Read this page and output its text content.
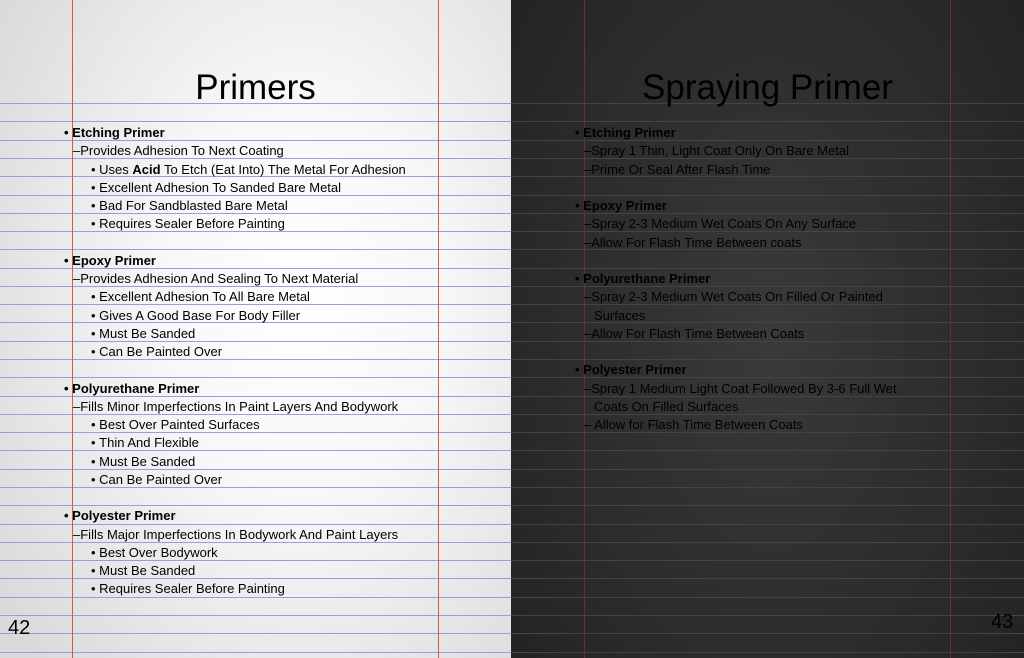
Primers
• Etching Primer
– Provides Adhesion To Next Coating
• Uses Acid To Etch (Eat Into) The Metal For Adhesion
• Excellent Adhesion To Sanded Bare Metal
• Bad For Sandblasted Bare Metal
• Requires Sealer Before Painting
• Epoxy Primer
– Provides Adhesion And Sealing To Next Material
• Excellent Adhesion To All Bare Metal
• Gives A Good Base For Body Filler
• Must Be Sanded
• Can Be Painted Over
• Polyurethane Primer
– Fills Minor Imperfections In Paint Layers And Bodywork
• Best Over Painted Surfaces
• Thin And Flexible
• Must Be Sanded
• Can Be Painted Over
• Polyester Primer
– Fills Major Imperfections In Bodywork And Paint Layers
• Best Over Bodywork
• Must Be Sanded
• Requires Sealer Before Painting
42
Spraying Primer
• Etching Primer
– Spray 1 Thin, Light Coat Only On Bare Metal
– Prime Or Seal After Flash Time
• Epoxy Primer
– Spray 2-3 Medium Wet Coats On Any Surface
– Allow For Flash Time Between coats
• Polyurethane Primer
– Spray 2-3 Medium Wet Coats On Filled Or Painted
Surfaces
– Allow For Flash Time Between Coats
• Polyester Primer
– Spray 1 Medium Light Coat Followed By 3-6 Full Wet
Coats On Filled Surfaces
– Allow for Flash Time Between Coats
43
